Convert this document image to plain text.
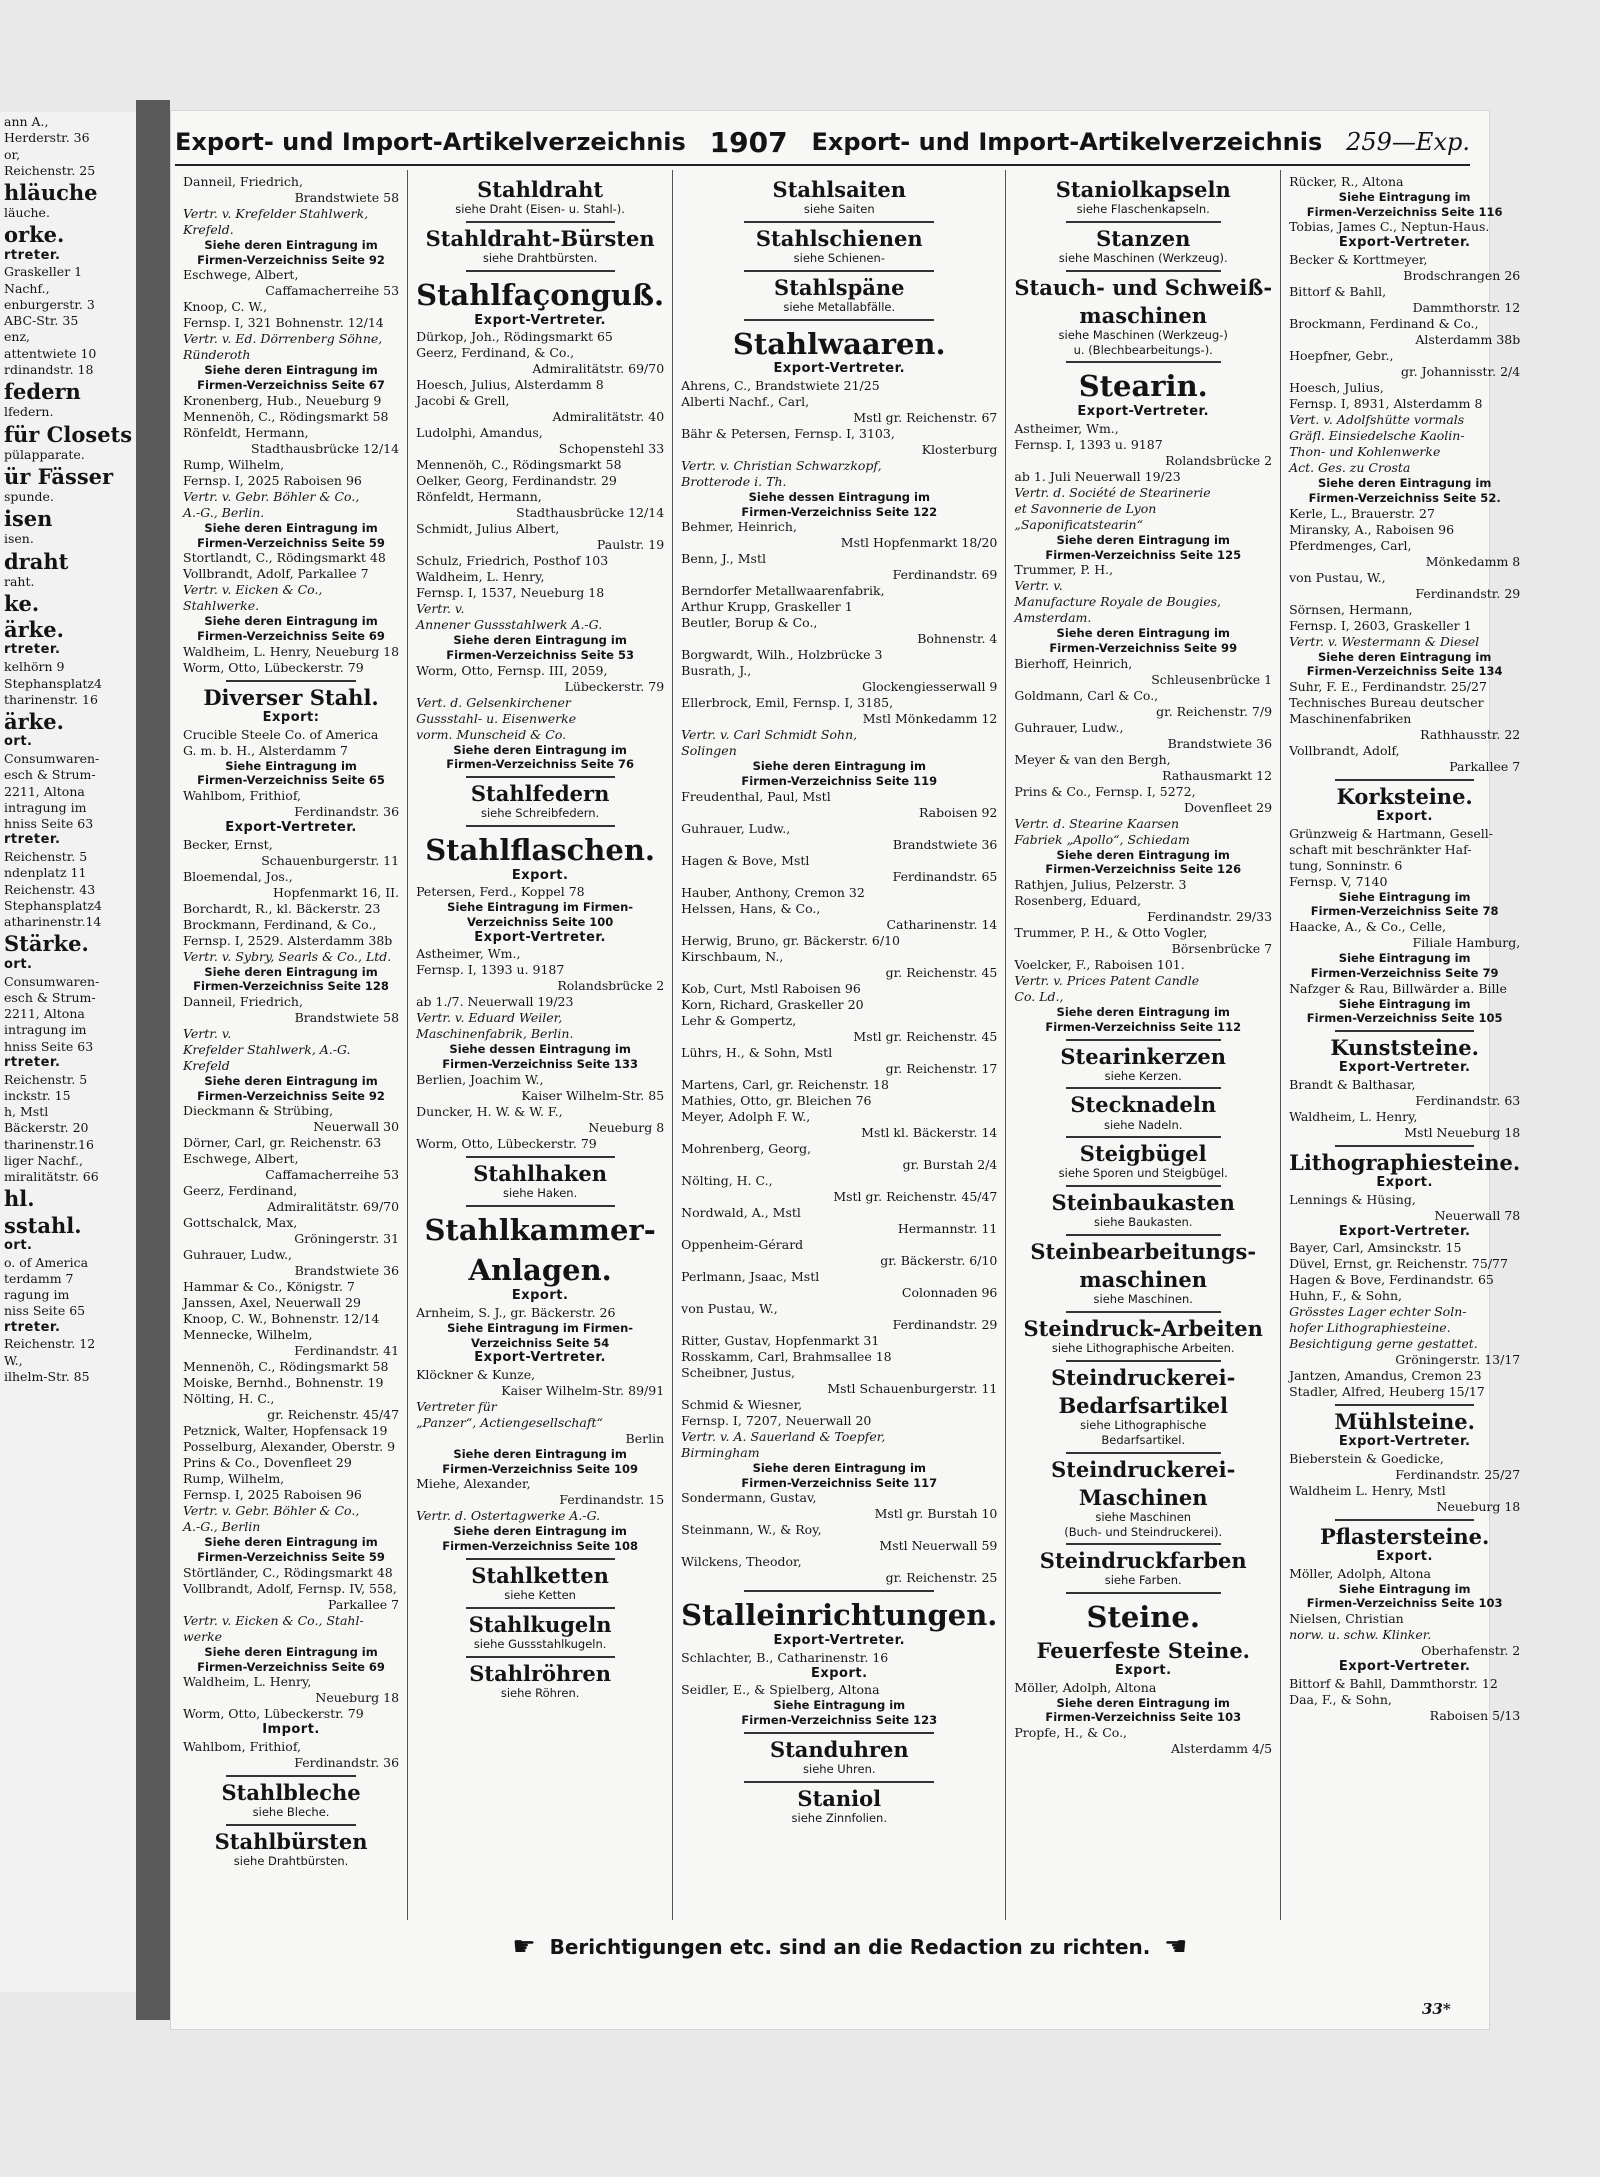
ann A.,
Herderstr. 36
or,
Reichenstr. 25
hläuche
läuche.
orke.
rtreter.
Graskeller 1
Nachf.,
enburgerstr. 3
ABC-Str. 35
enz,
attentwiete 10
rdinandstr. 18
federn
lfedern.
für Closets
pülapparate.
ür Fässer
spunde.
isen
isen.
draht
raht.
ke.
ärke.
rtreter.
kelhörn 9
Stephansplatz4
tharinenstr. 16
ärke.
ort.
Consumwaren-
esch & Strum-
2211, Altona
intragung im
hniss Seite 63
rtreter.
Reichenstr. 5
ndenplatz 11
Reichenstr. 43
Stephansplatz4
atharinenstr.14
Stärke.
ort.
Consumwaren-
esch & Strum-
2211, Altona
intragung im
hniss Seite 63
rtreter.
Reichenstr. 5
inckstr. 15
h, Mstl
Bäckerstr. 20
tharinenstr.16
liger Nachf.,
miralitätstr. 66
hl.
sstahl.
ort.
o. of America
terdamm 7
ragung im
niss Seite 65
rtreter.
Reichenstr. 12
W.,
ilhelm-Str. 85
Export- und Import-Artikelverzeichnis 1907 Export- und Import-Artikelverzeichnis 259—Exp.
Danneil, Friedrich,
Brandstwiete 58
Vertr. v. Krefelder Stahlwerk,
Krefeld.
Siehe deren Eintragung im
Firmen-Verzeichniss Seite 92
Eschwege, Albert,
Caffamacherreihe 53
Knoop, C. W.,
Fernsp. I, 321 Bohnenstr. 12/14
Vertr. v. Ed. Dörrenberg Söhne,
Ründeroth
Siehe deren Eintragung im
Firmen-Verzeichniss Seite 67
Kronenberg, Hub., Neueburg 9
Mennenöh, C., Rödingsmarkt 58
Rönfeldt, Hermann,
Stadthausbrücke 12/14
Rump, Wilhelm,
Fernsp. I, 2025 Raboisen 96
Vertr. v. Gebr. Böhler & Co.,
A.-G., Berlin.
Siehe deren Eintragung im
Firmen-Verzeichniss Seite 59
Stortlandt, C., Rödingsmarkt 48
Vollbrandt, Adolf, Parkallee 7
Vertr. v. Eicken & Co.,
Stahlwerke.
Siehe deren Eintragung im
Firmen-Verzeichniss Seite 69
Waldheim, L. Henry, Neueburg 18
Worm, Otto, Lübeckerstr. 79
Diverser Stahl.
Export:
Crucible Steele Co. of America
G. m. b. H., Alsterdamm 7
Siehe Eintragung im
Firmen-Verzeichniss Seite 65
Wahlbom, Frithiof,
Ferdinandstr. 36
Export-Vertreter.
Becker, Ernst,
Schauenburgerstr. 11
Bloemendal, Jos.,
Hopfenmarkt 16, II.
Borchardt, R., kl. Bäckerstr. 23
Brockmann, Ferdinand, & Co.,
Fernsp. I, 2529. Alsterdamm 38b
Vertr. v. Sybry, Searls & Co., Ltd.
Siehe deren Eintragung im
Firmen-Verzeichniss Seite 128
Danneil, Friedrich,
Brandstwiete 58
Vertr. v.
Krefelder Stahlwerk, A.-G.
Krefeld
Siehe deren Eintragung im
Firmen-Verzeichniss Seite 92
Dieckmann & Strübing,
Neuerwall 30
Dörner, Carl, gr. Reichenstr. 63
Eschwege, Albert,
Caffamacherreihe 53
Geerz, Ferdinand,
Admiralitätstr. 69/70
Gottschalck, Max,
Gröningerstr. 31
Guhrauer, Ludw.,
Brandstwiete 36
Hammar & Co., Königstr. 7
Janssen, Axel, Neuerwall 29
Knoop, C. W., Bohnenstr. 12/14
Mennecke, Wilhelm,
Ferdinandstr. 41
Mennenöh, C., Rödingsmarkt 58
Moiske, Bernhd., Bohnenstr. 19
Nölting, H. C.,
gr. Reichenstr. 45/47
Petznick, Walter, Hopfensack 19
Posselburg, Alexander, Oberstr. 9
Prins & Co., Dovenfleet 29
Rump, Wilhelm,
Fernsp. I, 2025 Raboisen 96
Vertr. v. Gebr. Böhler & Co.,
A.-G., Berlin
Siehe deren Eintragung im
Firmen-Verzeichniss Seite 59
Störtländer, C., Rödingsmarkt 48
Vollbrandt, Adolf, Fernsp. IV, 558,
Parkallee 7
Vertr. v. Eicken & Co., Stahl-
werke
Siehe deren Eintragung im
Firmen-Verzeichniss Seite 69
Waldheim, L. Henry,
Neueburg 18
Worm, Otto, Lübeckerstr. 79
Import.
Wahlbom, Frithiof,
Ferdinandstr. 36
Stahlbleche
siehe Bleche.
Stahlbürsten
siehe Drahtbürsten.
Stahldraht
siehe Draht (Eisen- u. Stahl-).
Stahldraht-Bürsten
siehe Drahtbürsten.
Stahlfaçonguß.
Export-Vertreter.
Dürkop, Joh., Rödingsmarkt 65
Geerz, Ferdinand, & Co.,
Admiralitätstr. 69/70
Hoesch, Julius, Alsterdamm 8
Jacobi & Grell,
Admiralitätstr. 40
Ludolphi, Amandus,
Schopenstehl 33
Mennenöh, C., Rödingsmarkt 58
Oelker, Georg, Ferdinandstr. 29
Rönfeldt, Hermann,
Stadthausbrücke 12/14
Schmidt, Julius Albert,
Paulstr. 19
Schulz, Friedrich, Posthof 103
Waldheim, L. Henry,
Fernsp. I, 1537, Neueburg 18
Vertr. v.
Annener Gussstahlwerk A.-G.
Siehe deren Eintragung im
Firmen-Verzeichniss Seite 53
Worm, Otto, Fernsp. III, 2059,
Lübeckerstr. 79
Vert. d. Gelsenkirchener
Gussstahl- u. Eisenwerke
vorm. Munscheid & Co.
Siehe deren Eintragung im
Firmen-Verzeichniss Seite 76
Stahlfedern
siehe Schreibfedern.
Stahlflaschen.
Export.
Petersen, Ferd., Koppel 78
Siehe Eintragung im Firmen-
Verzeichniss Seite 100
Export-Vertreter.
Astheimer, Wm.,
Fernsp. I, 1393 u. 9187
Rolandsbrücke 2
ab 1./7. Neuerwall 19/23
Vertr. v. Eduard Weiler,
Maschinenfabrik, Berlin.
Siehe dessen Eintragung im
Firmen-Verzeichniss Seite 133
Berlien, Joachim W.,
Kaiser Wilhelm-Str. 85
Duncker, H. W. & W. F.,
Neueburg 8
Worm, Otto, Lübeckerstr. 79
Stahlhaken
siehe Haken.
Stahlkammer-
Anlagen.
Export.
Arnheim, S. J., gr. Bäckerstr. 26
Siehe Eintragung im Firmen-
Verzeichniss Seite 54
Export-Vertreter.
Klöckner & Kunze,
Kaiser Wilhelm-Str. 89/91
Vertreter für
„Panzer“, Actiengesellschaft“
Berlin
Siehe deren Eintragung im
Firmen-Verzeichniss Seite 109
Miehe, Alexander,
Ferdinandstr. 15
Vertr. d. Ostertagwerke A.-G.
Siehe deren Eintragung im
Firmen-Verzeichniss Seite 108
Stahlketten
siehe Ketten
Stahlkugeln
siehe Gussstahlkugeln.
Stahlröhren
siehe Röhren.
Stahlsaiten
siehe Saiten
Stahlschienen
siehe Schienen-
Stahlspäne
siehe Metallabfälle.
Stahlwaaren.
Export-Vertreter.
Ahrens, C., Brandstwiete 21/25
Alberti Nachf., Carl,
Mstl gr. Reichenstr. 67
Bähr & Petersen, Fernsp. I, 3103,
Klosterburg
Vertr. v. Christian Schwarzkopf,
Brotterode i. Th.
Siehe dessen Eintragung im
Firmen-Verzeichniss Seite 122
Behmer, Heinrich,
Mstl Hopfenmarkt 18/20
Benn, J., Mstl
Ferdinandstr. 69
Berndorfer Metallwaarenfabrik,
Arthur Krupp, Graskeller 1
Beutler, Borup & Co.,
Bohnenstr. 4
Borgwardt, Wilh., Holzbrücke 3
Busrath, J.,
Glockengiesserwall 9
Ellerbrock, Emil, Fernsp. I, 3185,
Mstl Mönkedamm 12
Vertr. v. Carl Schmidt Sohn,
Solingen
Siehe deren Eintragung im
Firmen-Verzeichniss Seite 119
Freudenthal, Paul, Mstl
Raboisen 92
Guhrauer, Ludw.,
Brandstwiete 36
Hagen & Bove, Mstl
Ferdinandstr. 65
Hauber, Anthony, Cremon 32
Helssen, Hans, & Co.,
Catharinenstr. 14
Herwig, Bruno, gr. Bäckerstr. 6/10
Kirschbaum, N.,
gr. Reichenstr. 45
Kob, Curt, Mstl Raboisen 96
Korn, Richard, Graskeller 20
Lehr & Gompertz,
Mstl gr. Reichenstr. 45
Lührs, H., & Sohn, Mstl
gr. Reichenstr. 17
Martens, Carl, gr. Reichenstr. 18
Mathies, Otto, gr. Bleichen 76
Meyer, Adolph F. W.,
Mstl kl. Bäckerstr. 14
Mohrenberg, Georg,
gr. Burstah 2/4
Nölting, H. C.,
Mstl gr. Reichenstr. 45/47
Nordwald, A., Mstl
Hermannstr. 11
Oppenheim-Gérard
gr. Bäckerstr. 6/10
Perlmann, Jsaac, Mstl
Colonnaden 96
von Pustau, W.,
Ferdinandstr. 29
Ritter, Gustav, Hopfenmarkt 31
Rosskamm, Carl, Brahmsallee 18
Scheibner, Justus,
Mstl Schauenburgerstr. 11
Schmid & Wiesner,
Fernsp. I, 7207, Neuerwall 20
Vertr. v. A. Sauerland & Toepfer,
Birmingham
Siehe deren Eintragung im
Firmen-Verzeichniss Seite 117
Sondermann, Gustav,
Mstl gr. Burstah 10
Steinmann, W., & Roy,
Mstl Neuerwall 59
Wilckens, Theodor,
gr. Reichenstr. 25
Stalleinrichtungen.
Export-Vertreter.
Schlachter, B., Catharinenstr. 16
Export.
Seidler, E., & Spielberg, Altona
Siehe Eintragung im
Firmen-Verzeichniss Seite 123
Standuhren
siehe Uhren.
Staniol
siehe Zinnfolien.
Staniolkapseln
siehe Flaschenkapseln.
Stanzen
siehe Maschinen (Werkzeug).
Stauch- und Schweiß-
maschinen
siehe Maschinen (Werkzeug-)
u. (Blechbearbeitungs-).
Stearin.
Export-Vertreter.
Astheimer, Wm.,
Fernsp. I, 1393 u. 9187
Rolandsbrücke 2
ab 1. Juli Neuerwall 19/23
Vertr. d. Société de Stearinerie
et Savonnerie de Lyon
„Saponificatstearin“
Siehe deren Eintragung im
Firmen-Verzeichniss Seite 125
Trummer, P. H.,
Vertr. v.
Manufacture Royale de Bougies,
Amsterdam.
Siehe deren Eintragung im
Firmen-Verzeichniss Seite 99
Bierhoff, Heinrich,
Schleusenbrücke 1
Goldmann, Carl & Co.,
gr. Reichenstr. 7/9
Guhrauer, Ludw.,
Brandstwiete 36
Meyer & van den Bergh,
Rathausmarkt 12
Prins & Co., Fernsp. I, 5272,
Dovenfleet 29
Vertr. d. Stearine Kaarsen
Fabriek „Apollo“, Schiedam
Siehe deren Eintragung im
Firmen-Verzeichniss Seite 126
Rathjen, Julius, Pelzerstr. 3
Rosenberg, Eduard,
Ferdinandstr. 29/33
Trummer, P. H., & Otto Vogler,
Börsenbrücke 7
Voelcker, F., Raboisen 101.
Vertr. v. Prices Patent Candle
Co. Ld.,
Siehe deren Eintragung im
Firmen-Verzeichniss Seite 112
Stearinkerzen
siehe Kerzen.
Stecknadeln
siehe Nadeln.
Steigbügel
siehe Sporen und Steigbügel.
Steinbaukasten
siehe Baukasten.
Steinbearbeitungs-
maschinen
siehe Maschinen.
Steindruck-Arbeiten
siehe Lithographische Arbeiten.
Steindruckerei-
Bedarfsartikel
siehe Lithographische
Bedarfsartikel.
Steindruckerei-
Maschinen
siehe Maschinen
(Buch- und Steindruckerei).
Steindruckfarben
siehe Farben.
Steine.
Feuerfeste Steine.
Export.
Möller, Adolph, Altona
Siehe deren Eintragung im
Firmen-Verzeichniss Seite 103
Propfe, H., & Co.,
Alsterdamm 4/5
Rücker, R., Altona
Siehe Eintragung im
Firmen-Verzeichniss Seite 116
Tobias, James C., Neptun-Haus.
Export-Vertreter.
Becker & Korttmeyer,
Brodschrangen 26
Bittorf & Bahll,
Dammthorstr. 12
Brockmann, Ferdinand & Co.,
Alsterdamm 38b
Hoepfner, Gebr.,
gr. Johannisstr. 2/4
Hoesch, Julius,
Fernsp. I, 8931, Alsterdamm 8
Vert. v. Adolfshütte vormals
Gräfl. Einsiedelsche Kaolin-
Thon- und Kohlenwerke
Act. Ges. zu Crosta
Siehe deren Eintragung im
Firmen-Verzeichniss Seite 52.
Kerle, L., Brauerstr. 27
Miransky, A., Raboisen 96
Pferdmenges, Carl,
Mönkedamm 8
von Pustau, W.,
Ferdinandstr. 29
Sörnsen, Hermann,
Fernsp. I, 2603, Graskeller 1
Vertr. v. Westermann & Diesel
Siehe deren Eintragung im
Firmen-Verzeichniss Seite 134
Suhr, F. E., Ferdinandstr. 25/27
Technisches Bureau deutscher
Maschinenfabriken
Rathhausstr. 22
Vollbrandt, Adolf,
Parkallee 7
Korksteine.
Export.
Grünzweig & Hartmann, Gesell-
schaft mit beschränkter Haf-
tung, Sonninstr. 6
Fernsp. V, 7140
Siehe Eintragung im
Firmen-Verzeichniss Seite 78
Haacke, A., & Co., Celle,
Filiale Hamburg,
Siehe Eintragung im
Firmen-Verzeichniss Seite 79
Nafzger & Rau, Billwärder a. Bille
Siehe Eintragung im
Firmen-Verzeichniss Seite 105
Kunststeine.
Export-Vertreter.
Brandt & Balthasar,
Ferdinandstr. 63
Waldheim, L. Henry,
Mstl Neueburg 18
Lithographiesteine.
Export.
Lennings & Hüsing,
Neuerwall 78
Export-Vertreter.
Bayer, Carl, Amsinckstr. 15
Düvel, Ernst, gr. Reichenstr. 75/77
Hagen & Bove, Ferdinandstr. 65
Huhn, F., & Sohn,
Grösstes Lager echter Soln-
hofer Lithographiesteine.
Besichtigung gerne gestattet.
Gröningerstr. 13/17
Jantzen, Amandus, Cremon 23
Stadler, Alfred, Heuberg 15/17
Mühlsteine.
Export-Vertreter.
Bieberstein & Goedicke,
Ferdinandstr. 25/27
Waldheim L. Henry, Mstl
Neueburg 18
Pflastersteine.
Export.
Möller, Adolph, Altona
Siehe Eintragung im
Firmen-Verzeichniss Seite 103
Nielsen, Christian
norw. u. schw. Klinker.
Oberhafenstr. 2
Export-Vertreter.
Bittorf & Bahll, Dammthorstr. 12
Daa, F., & Sohn,
Raboisen 5/13
☛ Berichtigungen etc. sind an die Redaction zu richten. ☛
33*
